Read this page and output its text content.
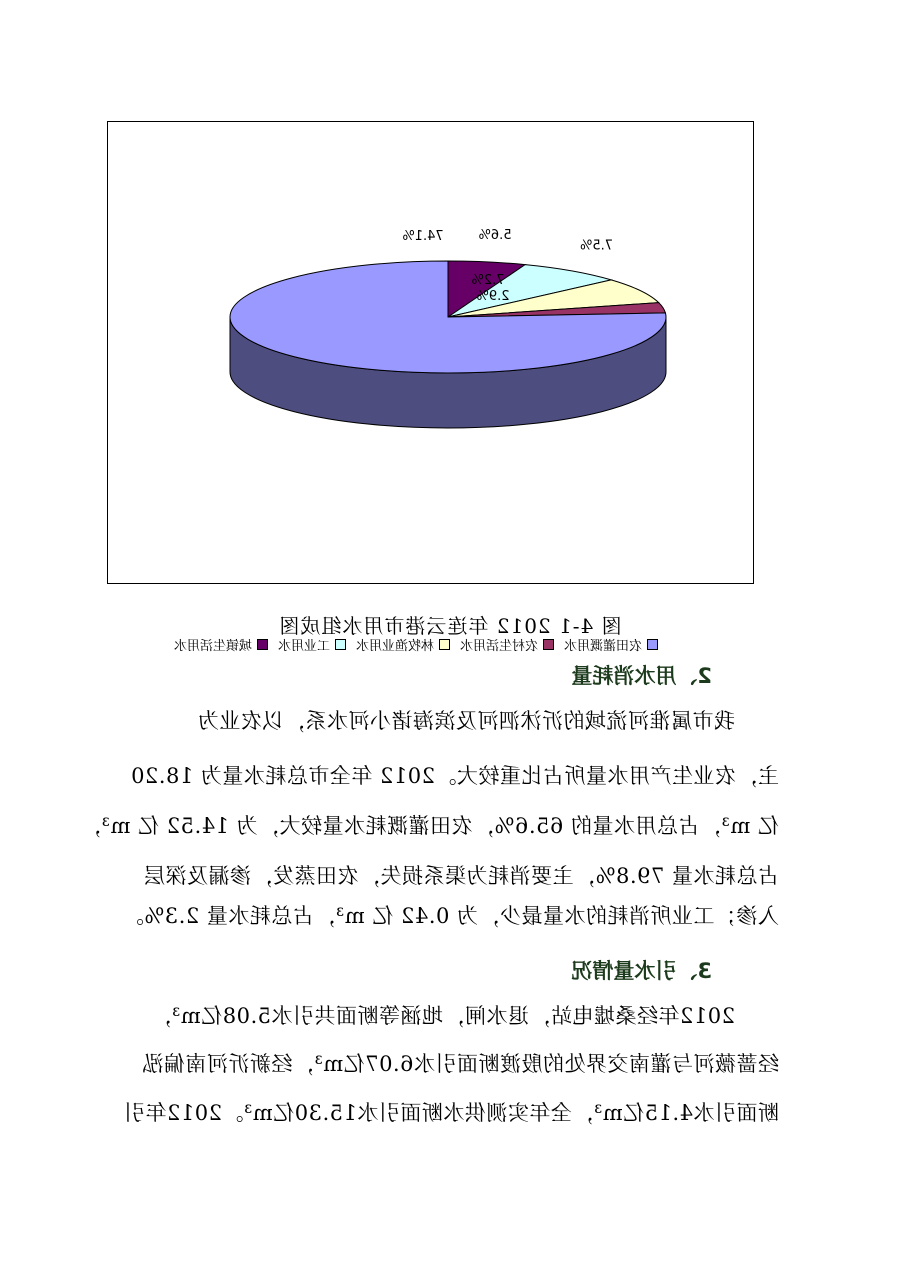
5.6%
7.5%
7.2%
2.9%
74.1%
农田灌溉用水
农村生活用水
林牧渔业用水
工业用水
城镇生活用水
图 4-1 2012 年连云港市用水组成图
2、用水消耗量
我市属淮河流域的沂沭泗河及滨海诸小河水系，以农业为
主，农业生产用水量所占比重较大。2012 年全市总耗水量为 18.20
亿 m³，占总用水量的 65.6%，农田灌溉耗水量较大，为 14.52 亿 m³，
占总耗水量 79.8%，主要消耗为渠系损失，农田蒸发，渗漏及深层
入渗；工业所消耗的水量最少，为 0.42 亿 m³，占总耗水量 2.3%。
3、引水量情况
2012年经桑墟电站，退水闸，地涵等断面共引水5.08亿m³，
经蔷薇河与灌南交界处的殷渡断面引水6.07亿m³，经新沂河南偏泓
断面引水4.15亿m³，全年实测供水断面引水15.30亿m³。2012年引
